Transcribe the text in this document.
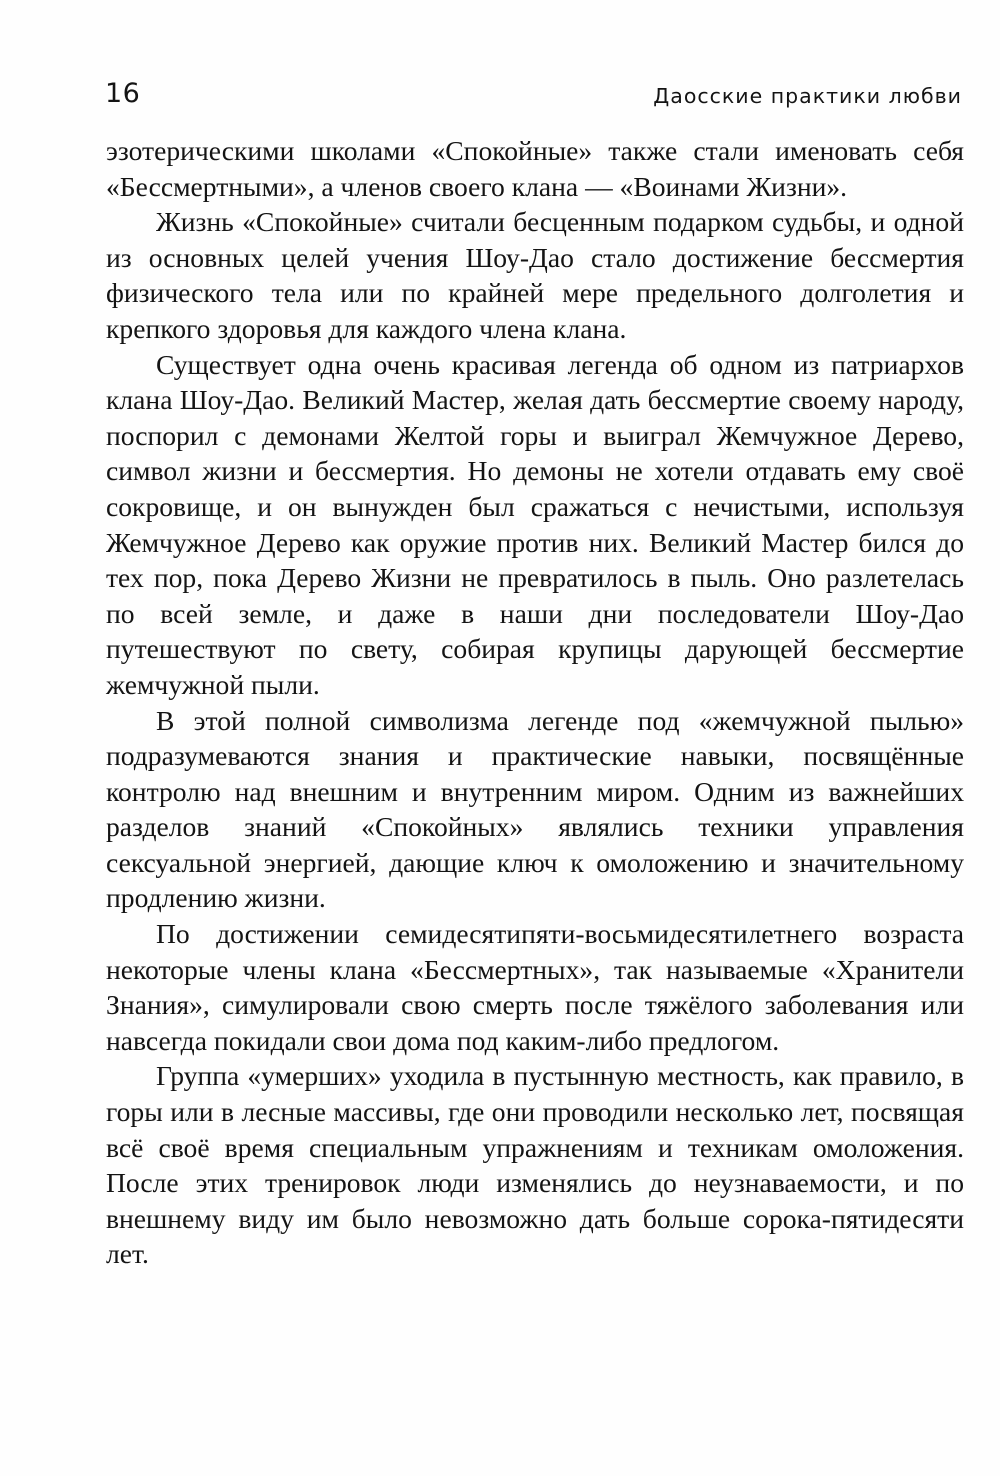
16	Даосские практики любви

эзотерическими школами «Спокойные» также стали именовать себя «Бессмертными», а членов своего клана — «Воинами Жизни».

Жизнь «Спокойные» считали бесценным подарком судьбы, и одной из основных целей учения Шоу-Дао стало достижение бессмертия физического тела или по крайней мере предельного долголетия и крепкого здоровья для каждого члена клана.

Существует одна очень красивая легенда об одном из патриархов клана Шоу-Дао. Великий Мастер, желая дать бессмертие своему народу, поспорил с демонами Желтой горы и выиграл Жемчужное Дерево, символ жизни и бессмертия. Но демоны не хотели отдавать ему своё сокровище, и он вынужден был сражаться с нечистыми, используя Жемчужное Дерево как оружие против них. Великий Мастер бился до тех пор, пока Дерево Жизни не превратилось в пыль. Оно разлетелась по всей земле, и даже в наши дни последователи Шоу-Дао путешествуют по свету, собирая крупицы дарующей бессмертие жемчужной пыли.

В этой полной символизма легенде под «жемчужной пылью» подразумеваются знания и практические навыки, посвящённые контролю над внешним и внутренним миром. Одним из важнейших разделов знаний «Спокойных» являлись техники управления сексуальной энергией, дающие ключ к омоложению и значительному продлению жизни.

По достижении семидесятипяти-восьмидесятилетнего возраста некоторые члены клана «Бессмертных», так называемые «Хранители Знания», симулировали свою смерть после тяжёлого заболевания или навсегда покидали свои дома под каким-либо предлогом.

Группа «умерших» уходила в пустынную местность, как правило, в горы или в лесные массивы, где они проводили несколько лет, посвящая всё своё время специальным упражнениям и техникам омоложения. После этих тренировок люди изменялись до неузнаваемости, и по внешнему виду им было невозможно дать больше сорока-пятидесяти лет.
